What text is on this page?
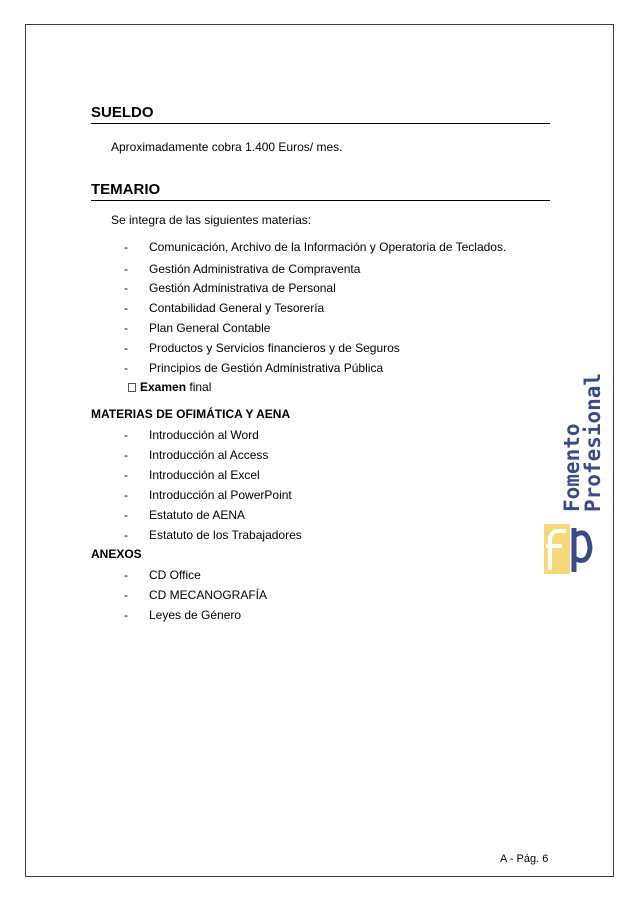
SUELDO
Aproximadamente cobra 1.400 Euros/ mes.
TEMARIO
Se integra de las siguientes materias:
- Comunicación, Archivo de la Información y Operatoria de Teclados.
- Gestión Administrativa de Compraventa
- Gestión Administrativa de Personal
- Contabilidad General y Tesorería
- Plan General Contable
- Productos y Servicios financieros y de Seguros
- Principios de Gestión Administrativa Pública
Examen final
MATERIAS DE OFIMÁTICA Y AENA
- Introducción al Word
- Introducción al Access
- Introducción al Excel
- Introducción al PowerPoint
- Estatuto de AENA
- Estatuto de los Trabajadores
ANEXOS
- CD Office
- CD MECANOGRAFÍA
- Leyes de Género
Fomento
Profesional
A - Pág. 6
